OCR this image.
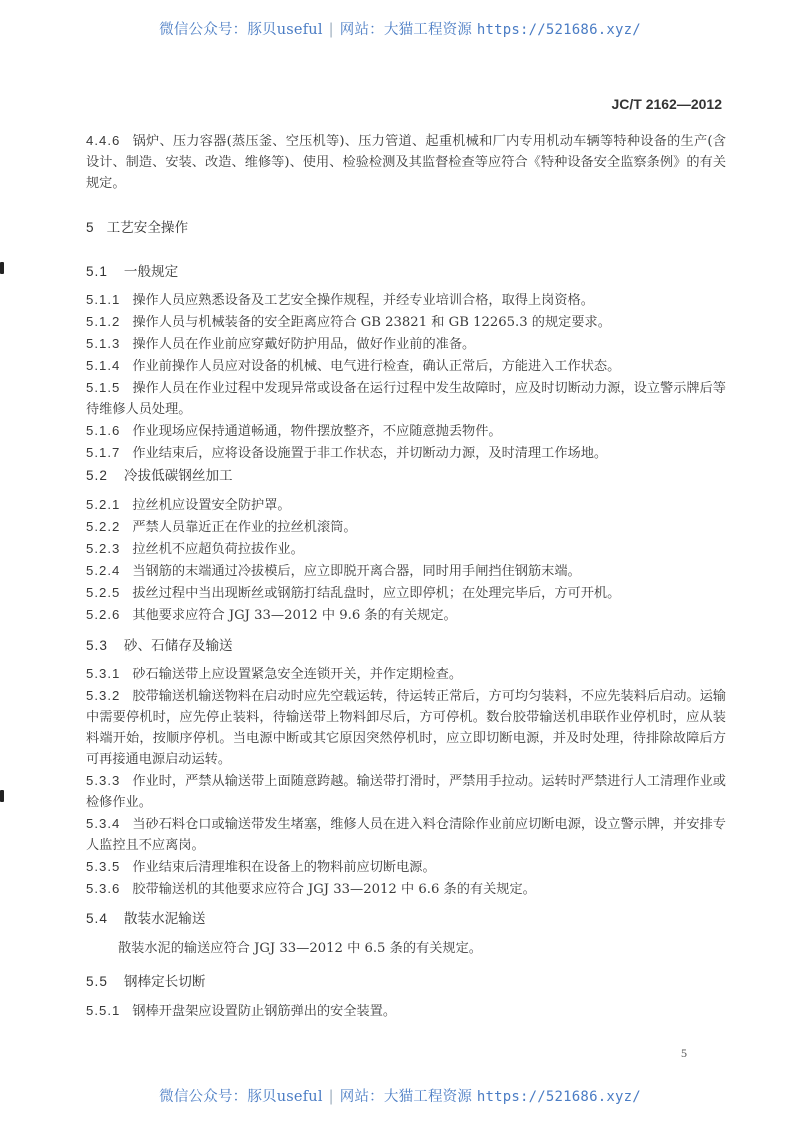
微信公众号：豚贝useful | 网站：大猫工程资源 https://521686.xyz/
JC/T 2162—2012

4.4.6 锅炉、压力容器(蒸压釜、空压机等)、压力管道、起重机械和厂内专用机动车辆等特种设备的生产(含设计、制造、安装、改造、维修等)、使用、检验检测及其监督检查等应符合《特种设备安全监察条例》的有关规定。

5 工艺安全操作

5.1 一般规定

5.1.1 操作人员应熟悉设备及工艺安全操作规程，并经专业培训合格，取得上岗资格。

5.1.2 操作人员与机械装备的安全距离应符合 GB 23821 和 GB 12265.3 的规定要求。

5.1.3 操作人员在作业前应穿戴好防护用品，做好作业前的准备。

5.1.4 作业前操作人员应对设备的机械、电气进行检查，确认正常后，方能进入工作状态。

5.1.5 操作人员在作业过程中发现异常或设备在运行过程中发生故障时，应及时切断动力源，设立警示牌后等待维修人员处理。

5.1.6 作业现场应保持通道畅通，物件摆放整齐，不应随意抛丢物件。

5.1.7 作业结束后，应将设备设施置于非工作状态，并切断动力源，及时清理工作场地。

5.2 冷拔低碳钢丝加工

5.2.1 拉丝机应设置安全防护罩。

5.2.2 严禁人员靠近正在作业的拉丝机滚筒。

5.2.3 拉丝机不应超负荷拉拔作业。

5.2.4 当钢筋的末端通过冷拔模后，应立即脱开离合器，同时用手闸挡住钢筋末端。

5.2.5 拔丝过程中当出现断丝或钢筋打结乱盘时，应立即停机；在处理完毕后，方可开机。

5.2.6 其他要求应符合 JGJ 33—2012 中 9.6 条的有关规定。

5.3 砂、石储存及输送

5.3.1 砂石输送带上应设置紧急安全连锁开关，并作定期检查。

5.3.2 胶带输送机输送物料在启动时应先空载运转，待运转正常后，方可均匀装料，不应先装料后启动。运输中需要停机时，应先停止装料，待输送带上物料卸尽后，方可停机。数台胶带输送机串联作业停机时，应从装料端开始，按顺序停机。当电源中断或其它原因突然停机时，应立即切断电源，并及时处理，待排除故障后方可再接通电源启动运转。

5.3.3 作业时，严禁从输送带上面随意跨越。输送带打滑时，严禁用手拉动。运转时严禁进行人工清理作业或检修作业。

5.3.4 当砂石料仓口或输送带发生堵塞，维修人员在进入料仓清除作业前应切断电源，设立警示牌，并安排专人监控且不应离岗。

5.3.5 作业结束后清理堆积在设备上的物料前应切断电源。

5.3.6 胶带输送机的其他要求应符合 JGJ 33—2012 中 6.6 条的有关规定。

5.4 散装水泥输送

散装水泥的输送应符合 JGJ 33—2012 中 6.5 条的有关规定。

5.5 钢棒定长切断

5.5.1 钢棒开盘架应设置防止钢筋弹出的安全装置。

5
微信公众号：豚贝useful | 网站：大猫工程资源 https://521686.xyz/
